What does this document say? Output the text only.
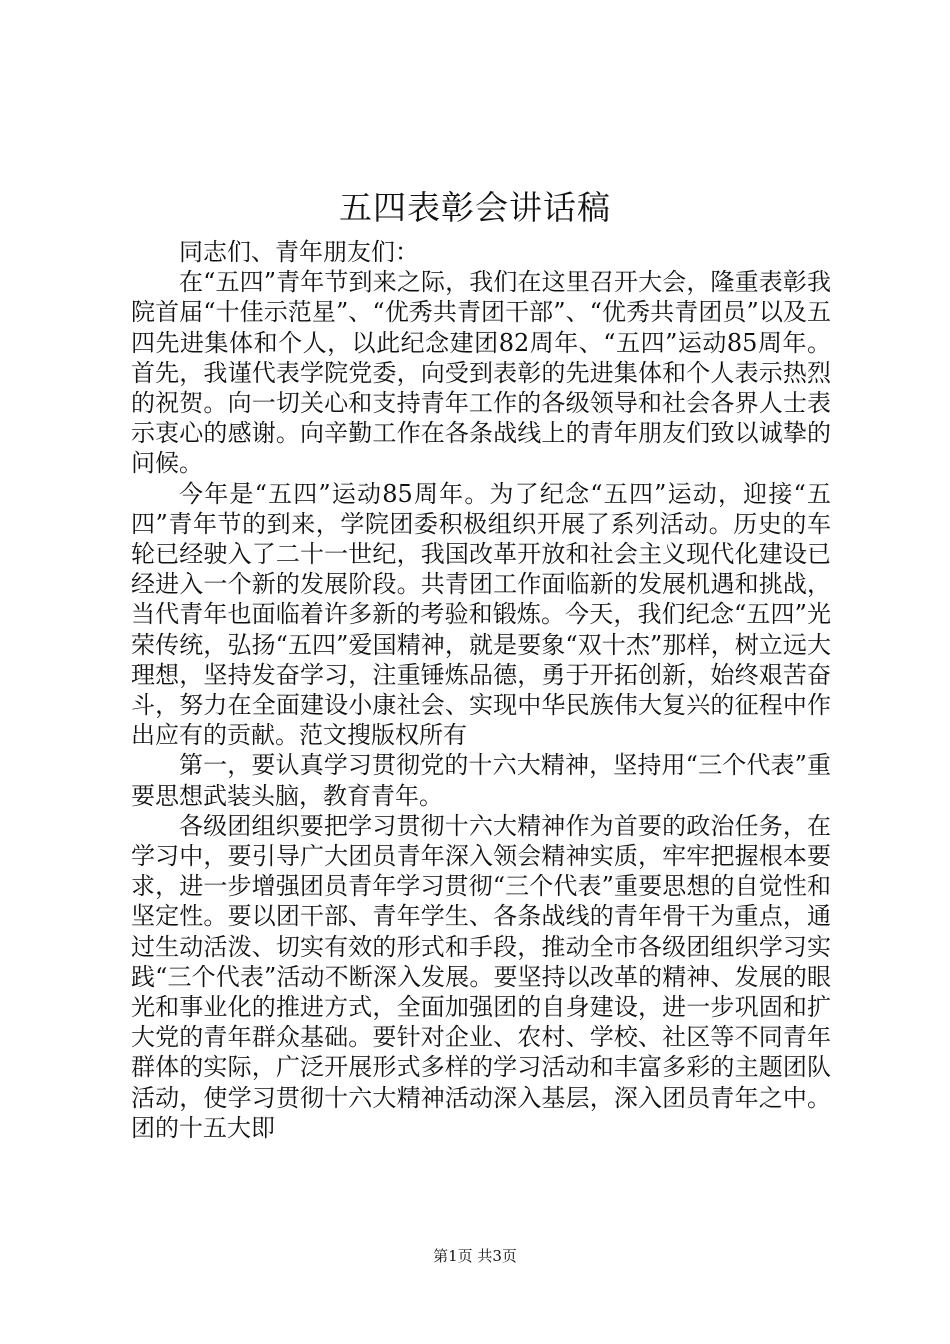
五四表彰会讲话稿

同志们、青年朋友们：

在“五四”青年节到来之际，我们在这里召开大会，隆重表彰我院首届“十佳示范星”、“优秀共青团干部”、“优秀共青团员”以及五四先进集体和个人，以此纪念建团82周年、“五四”运动85周年。首先，我谨代表学院党委，向受到表彰的先进集体和个人表示热烈的祝贺。向一切关心和支持青年工作的各级领导和社会各界人士表示衷心的感谢。向辛勤工作在各条战线上的青年朋友们致以诚挚的问候。

今年是“五四”运动85周年。为了纪念“五四”运动，迎接“五四”青年节的到来，学院团委积极组织开展了系列活动。历史的车轮已经驶入了二十一世纪，我国改革开放和社会主义现代化建设已经进入一个新的发展阶段。共青团工作面临新的发展机遇和挑战，当代青年也面临着许多新的考验和锻炼。今天，我们纪念“五四”光荣传统，弘扬“五四”爱国精神，就是要象“双十杰”那样，树立远大理想，坚持发奋学习，注重锤炼品德，勇于开拓创新，始终艰苦奋斗，努力在全面建设小康社会、实现中华民族伟大复兴的征程中作出应有的贡献。范文搜版权所有

第一，要认真学习贯彻党的十六大精神，坚持用“三个代表”重要思想武装头脑，教育青年。

各级团组织要把学习贯彻十六大精神作为首要的政治任务，在学习中，要引导广大团员青年深入领会精神实质，牢牢把握根本要求，进一步增强团员青年学习贯彻“三个代表”重要思想的自觉性和坚定性。要以团干部、青年学生、各条战线的青年骨干为重点，通过生动活泼、切实有效的形式和手段，推动全市各级团组织学习实践“三个代表”活动不断深入发展。要坚持以改革的精神、发展的眼光和事业化的推进方式，全面加强团的自身建设，进一步巩固和扩大党的青年群众基础。要针对企业、农村、学校、社区等不同青年群体的实际，广泛开展形式多样的学习活动和丰富多彩的主题团队活动，使学习贯彻十六大精神活动深入基层，深入团员青年之中。团的十五大即

第1页 共3页
